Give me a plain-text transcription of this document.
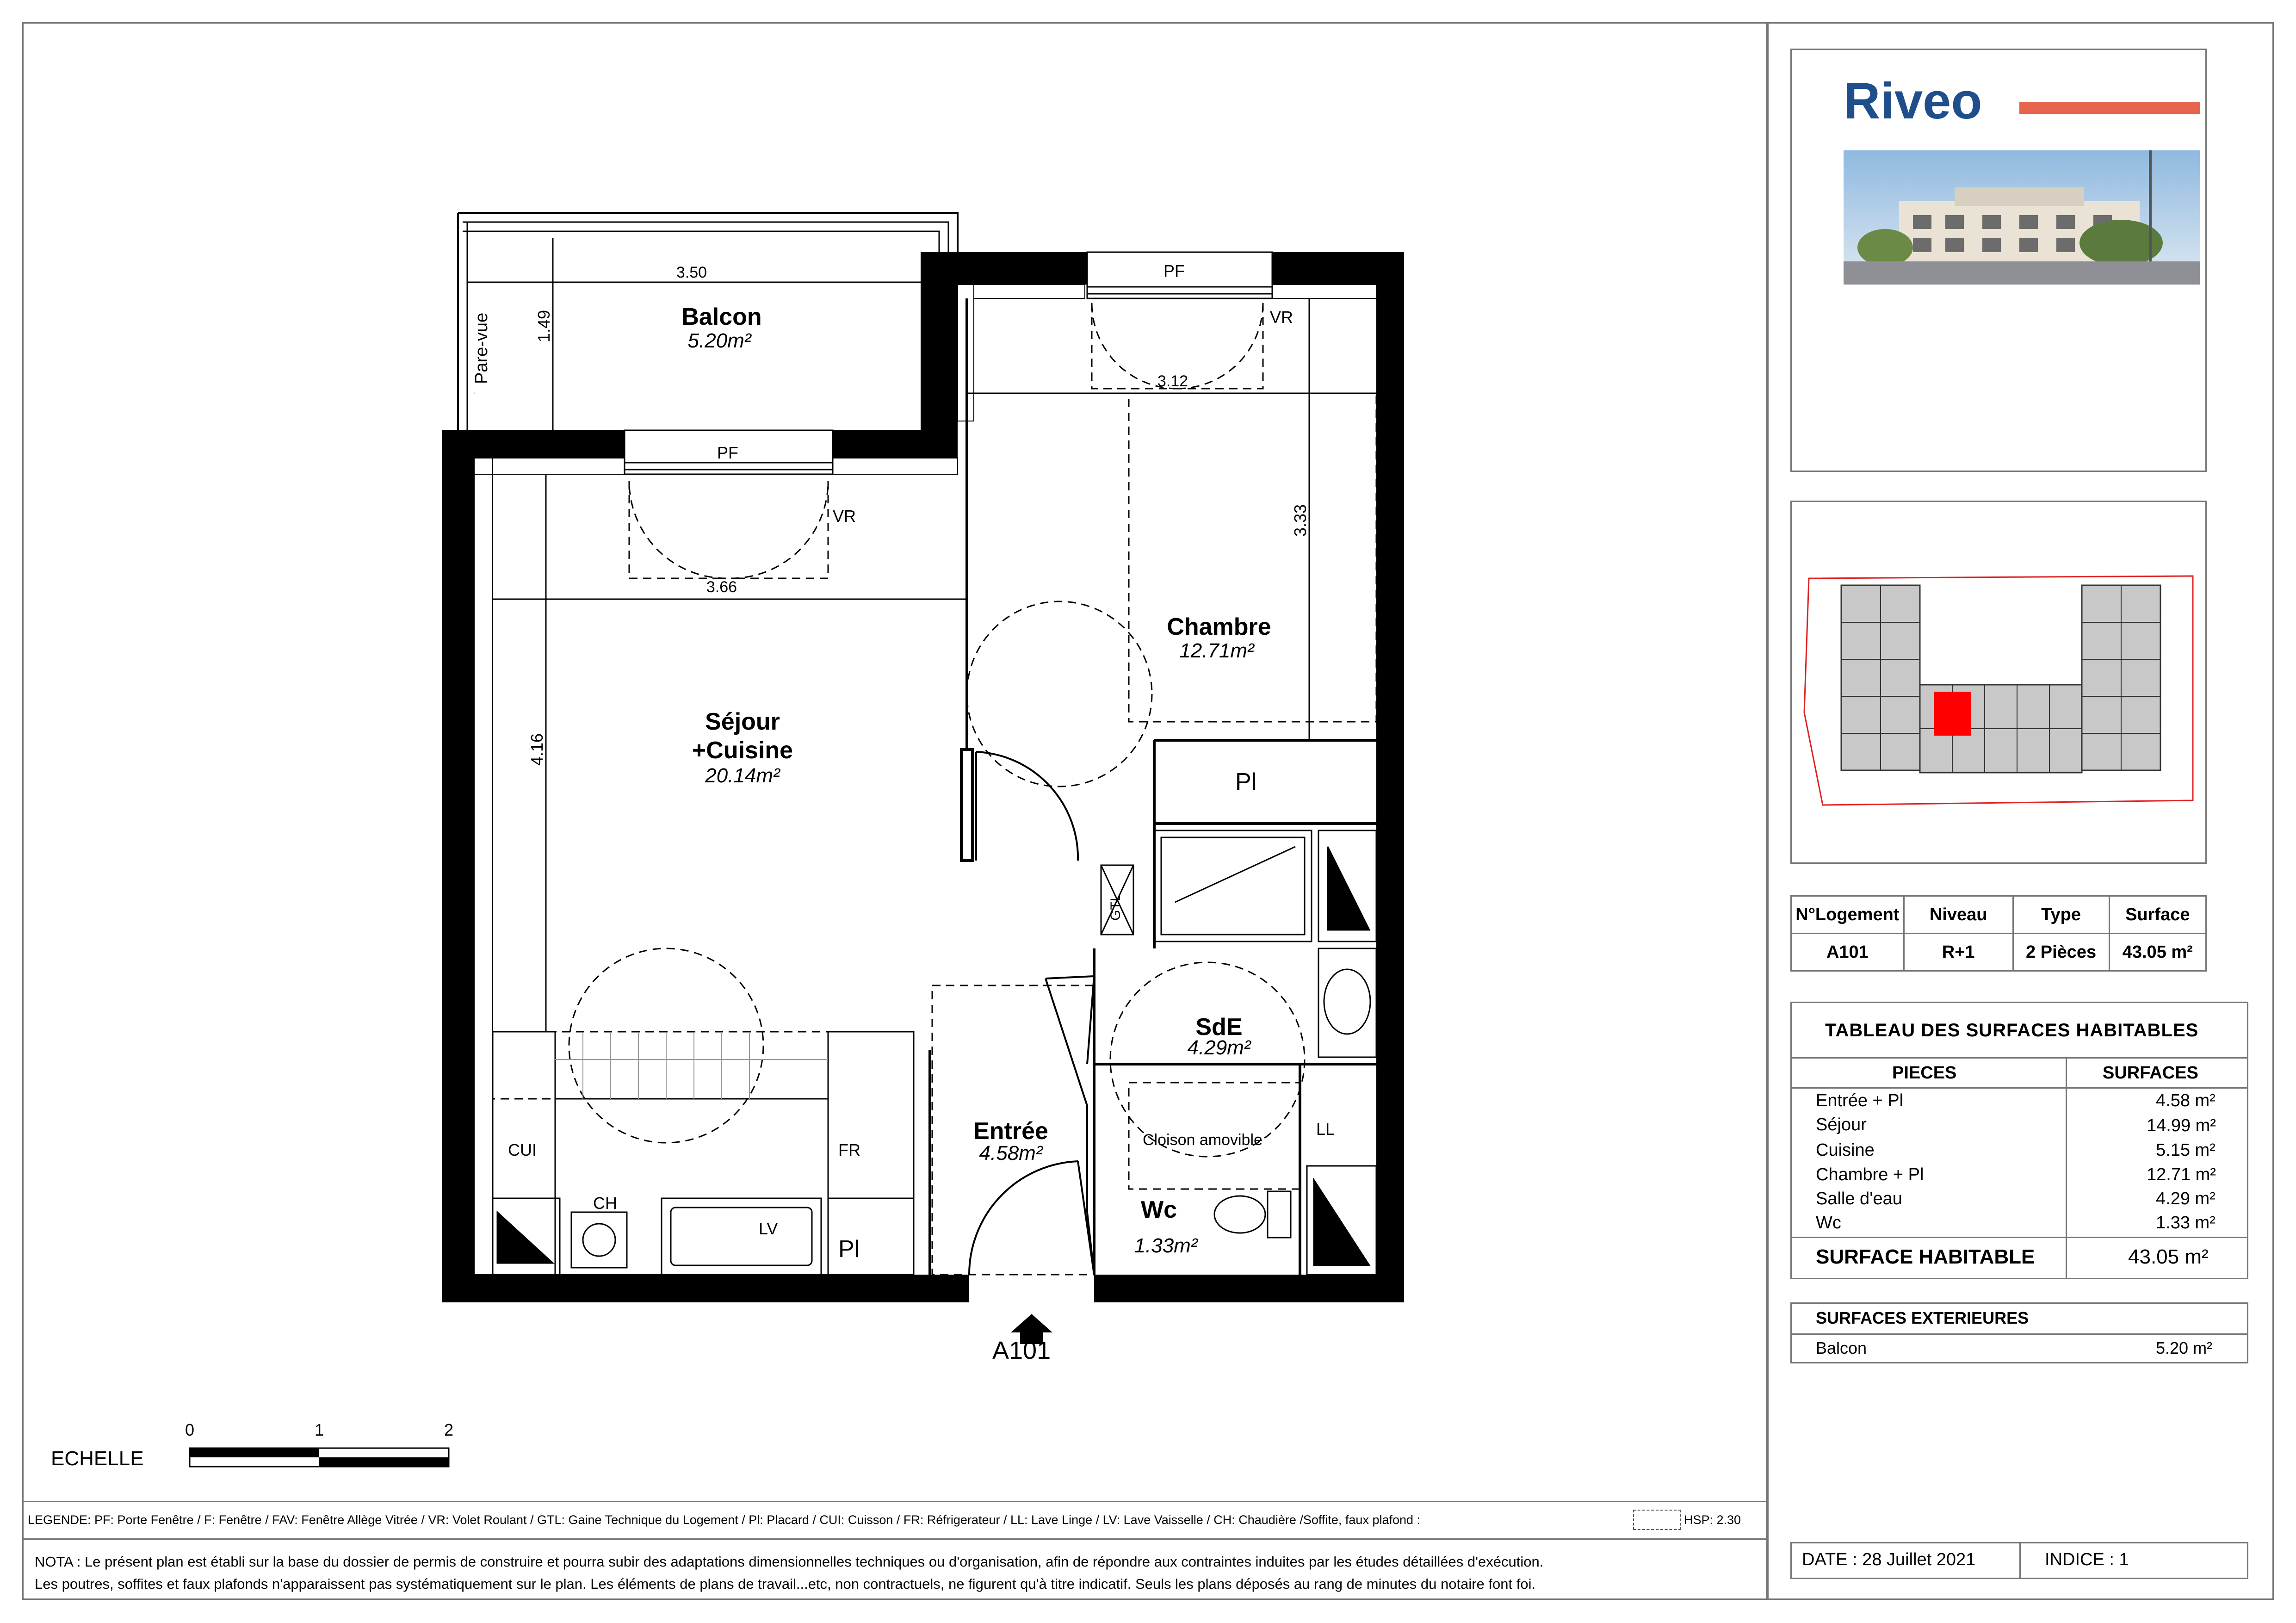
Balcon
5.20m²
Chambre
12.71m²
Séjour
+Cuisine
20.14m²
SdE
4.29m²
Entrée
4.58m²
Wc
1.33m²
3.50
1.49
Pare-vue	3.12
3.33
3.66
4.16
PF
PF
VR
VR
Pl
Pl
CUI	FR
CH
LV
LL
GTL
Cloison amovible
A101
ECHELLE
0	1	2
LEGENDE: PF: Porte Fenêtre / F: Fenêtre / FAV: Fenêtre Allège Vitrée / VR: Volet Roulant / GTL: Gaine Technique du Logement / Pl: Placard / CUI: Cuisson / FR: Réfrigerateur / LL: Lave Linge / LV: Lave Vaisselle / CH: Chaudière /Soffite, faux plafond :	HSP: 2.30
NOTA : Le présent plan est établi sur la base du dossier de permis de construire et pourra subir des adaptations dimensionnelles techniques ou d'organisation, afin de répondre aux contraintes induites par les études détaillées d'exécution.
Les poutres, soffites et faux plafonds n'apparaissent pas systématiquement sur le plan. Les éléments de plans de travail...etc, non contractuels, ne figurent qu'à titre indicatif. Seuls les plans déposés au rang de minutes du notaire font foi.
Riveo
N°Logement	Niveau	Type	Surface
A101	R+1	2 Pièces	43.05 m²
TABLEAU DES SURFACES HABITABLES
PIECES	SURFACES
Entrée + Pl	4.58 m²
Séjour	14.99 m²
Cuisine	5.15 m²
Chambre + Pl	12.71 m²
Salle d'eau	4.29 m²
Wc	1.33 m²
SURFACE HABITABLE	43.05 m²
SURFACES EXTERIEURES
Balcon	5.20 m²
DATE : 28 Juillet 2021	INDICE : 1
